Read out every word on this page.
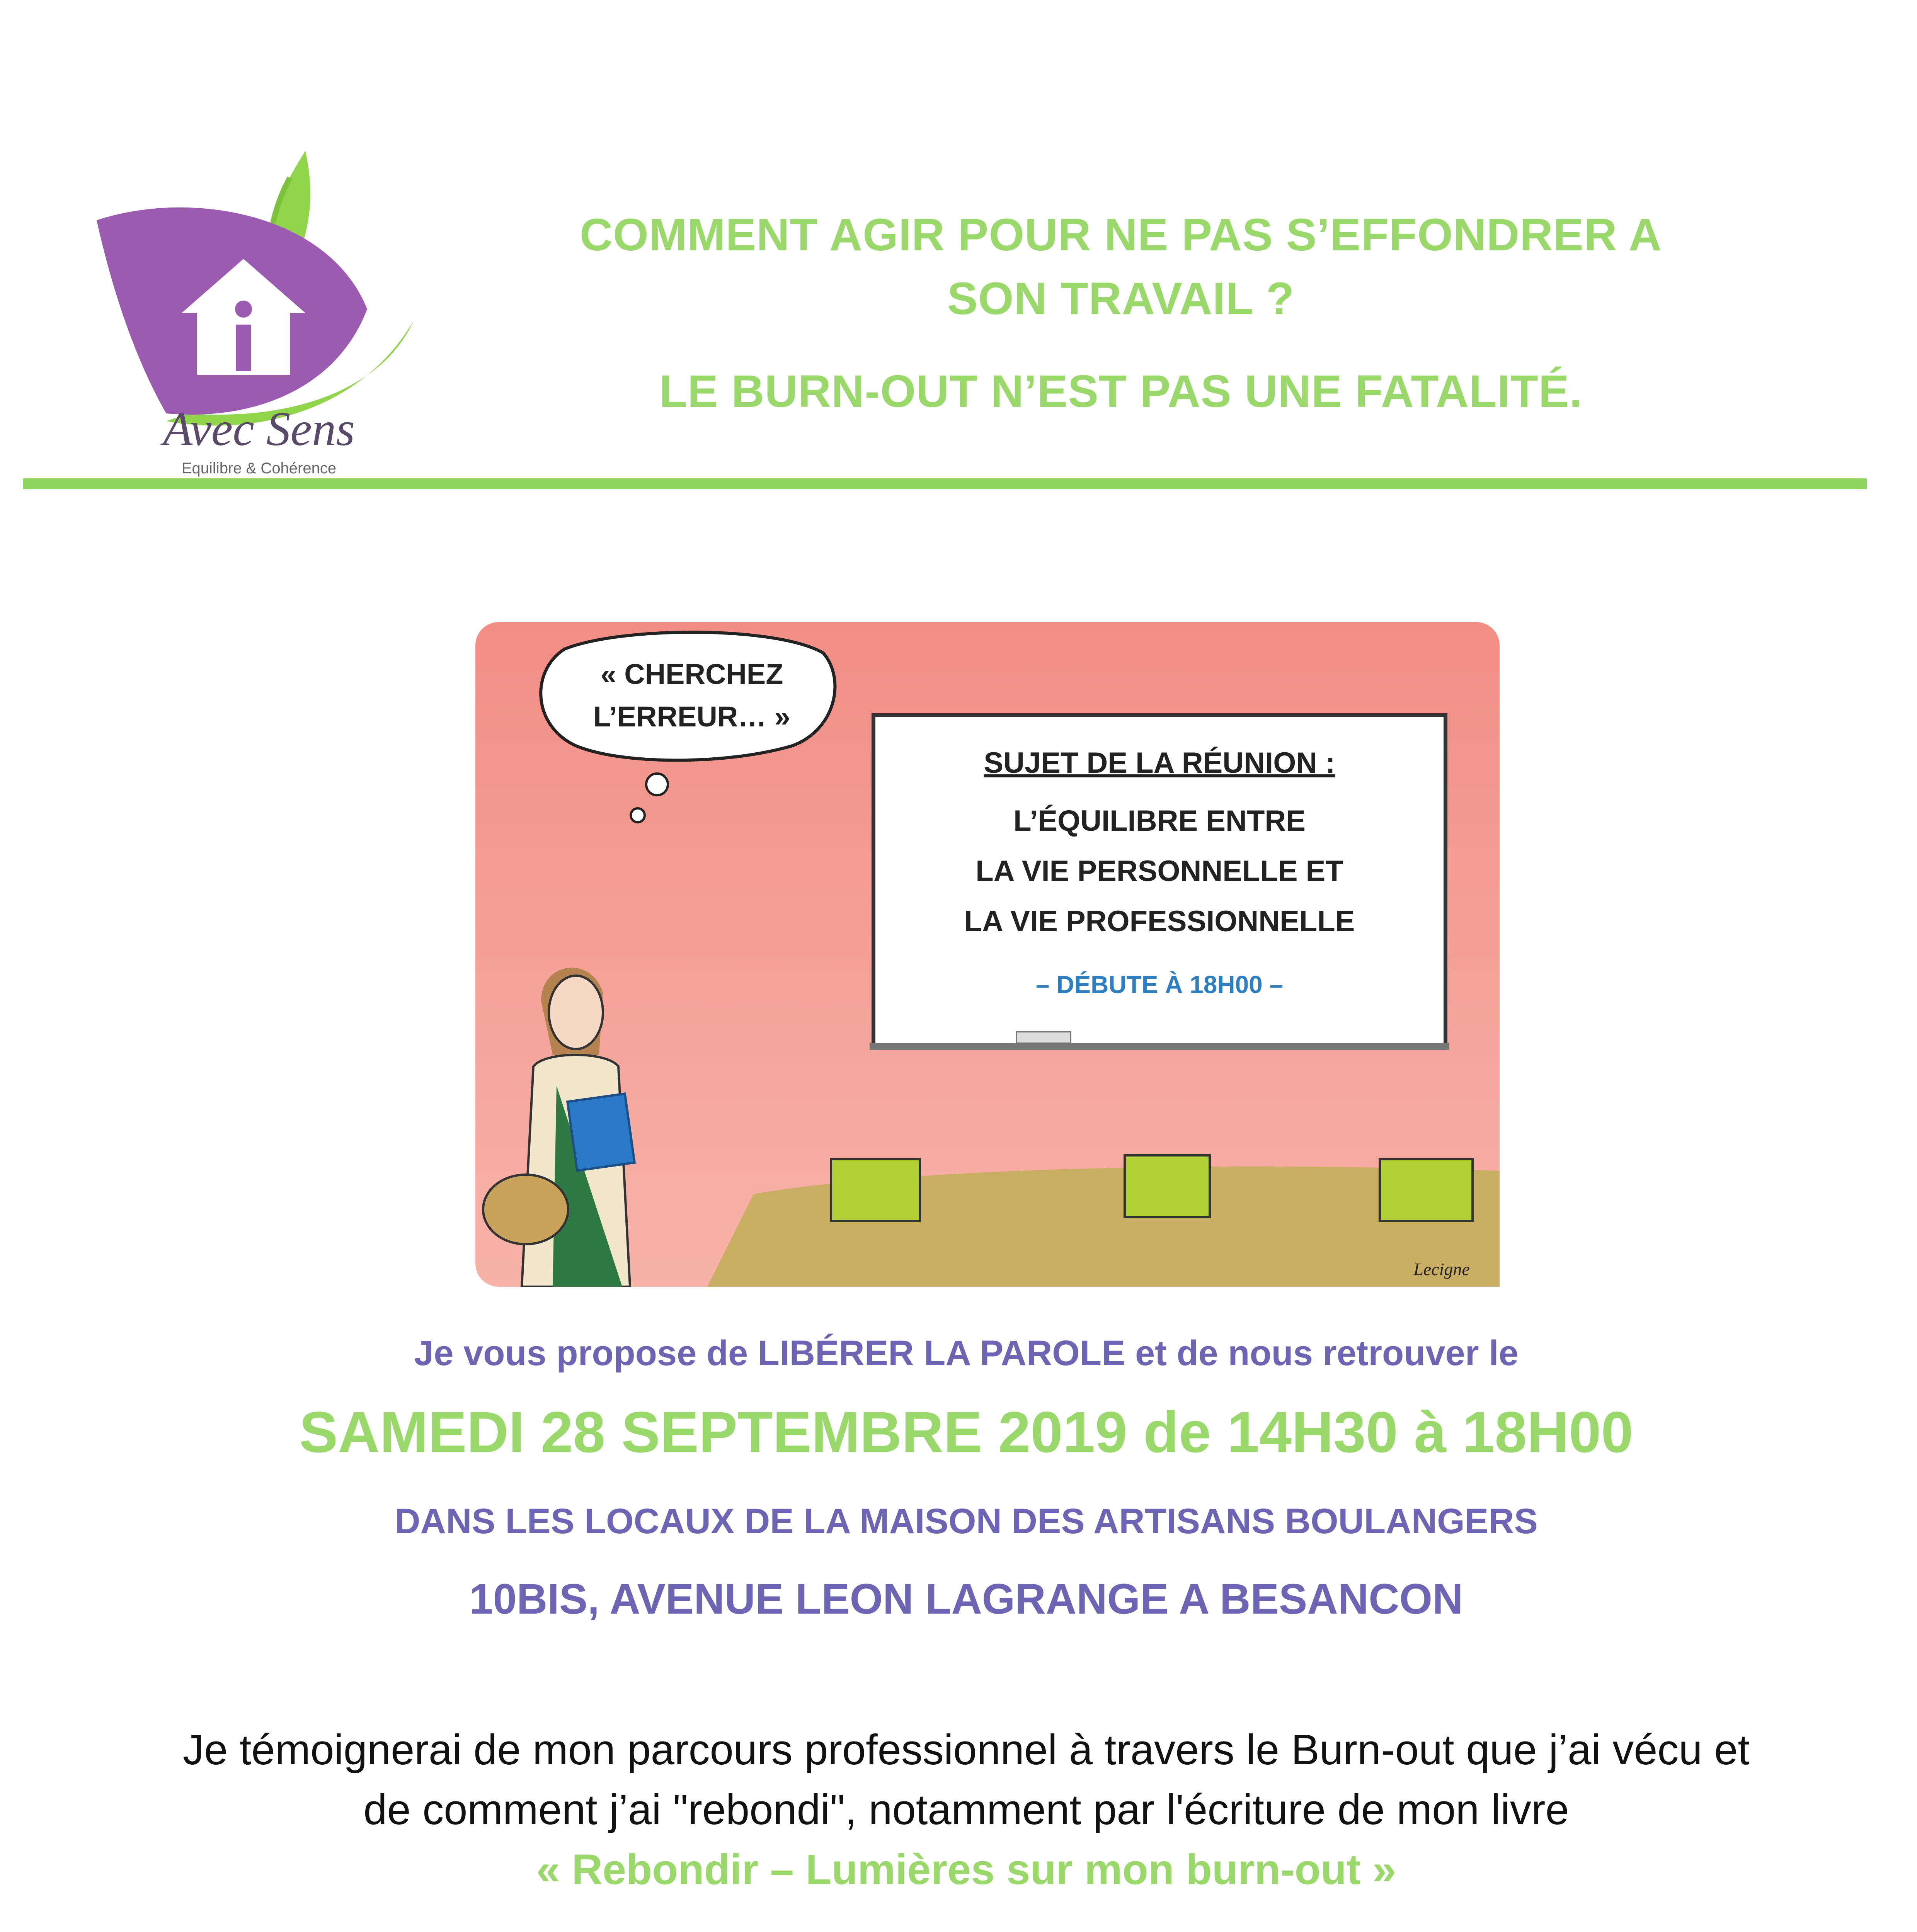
Avec Sens
Equilibre & Cohérence
COMMENT AGIR POUR NE PAS S’EFFONDRER A
SON TRAVAIL ?
LE BURN-OUT N’EST PAS UNE FATALITÉ.
« CHERCHEZ
L’ERREUR… »
SUJET DE LA RÉUNION :
L’ÉQUILIBRE ENTRE
LA VIE PERSONNELLE ET
LA VIE PROFESSIONNELLE
– DÉBUTE À 18H00 –
Lecigne
Je vous propose de LIBÉRER LA PAROLE et de nous retrouver le
SAMEDI 28 SEPTEMBRE 2019 de 14H30 à 18H00
DANS LES LOCAUX DE LA MAISON DES ARTISANS BOULANGERS
10BIS, AVENUE LEON LAGRANGE A BESANCON
Je témoignerai de mon parcours professionnel à travers le Burn-out que j’ai vécu et
de comment j’ai "rebondi", notamment par l'écriture de mon livre
« Rebondir – Lumières sur mon burn-out »
